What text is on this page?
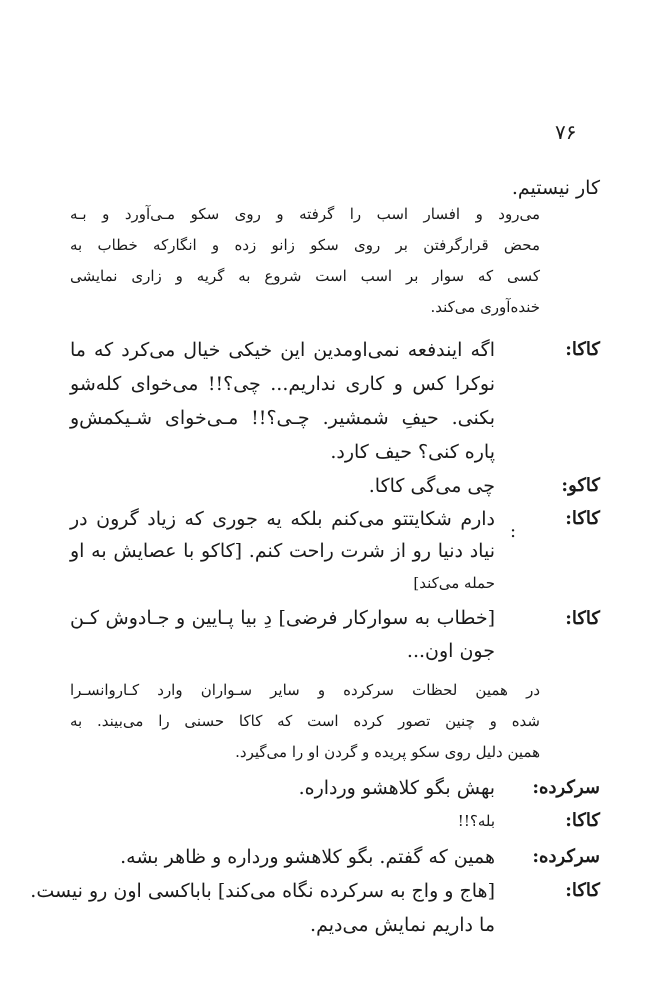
۷۶
کار نیستیم.
می‌رود و افسار اسب را گرفته و روی سکو مـی‌آورد و بـه
محض قرارگرفتن بر روی سکو زانو زده و انگارکه خطاب به
کسی که سوار بر اسب است شروع به گریه و زاری نمایشی
خنده‌آوری می‌کند.
کاکا:
اگه ایندفعه نمی‌اومدین این خیکی خیال می‌کرد که ما
نوکرا کس و کاری نداریم... چی؟!! می‌خوای کله‌شو
بکنی. حیفِ شمشیر. چـی؟!! مـی‌خوای شـیکمش‌و
پاره کنی؟ حیف کارد.
کاکو:
چی می‌گی کاکا.
کاکا:
دارم شکایتتو می‌کنم بلکه یه جوری که زیاد گرون در
نیاد دنیا رو از شرت راحت کنم. [کاکو با عصایش به او
حمله می‌کند]
:
کاکا:
[خطاب به سوارکار فرضی] دِ بیا پـایین و جـادوش کـن
جون اون...
در همین لحظات سرکرده و سایر سـواران وارد کـاروانسـرا
شده و چنین تصور کرده است که کاکا حسنی را می‌بیند. به
همین دلیل روی سکو پریده و گردن او را می‌گیرد.
سرکرده:
بهش بگو کلاهشو ورداره.
کاکا:
بله؟!!
سرکرده:
همین که گفتم. بگو کلاهشو ورداره و ظاهر بشه.
کاکا:
[هاج و واج به سرکرده نگاه می‌کند] باباکسی اون رو نیست.
ما داریم نمایش می‌دیم.
